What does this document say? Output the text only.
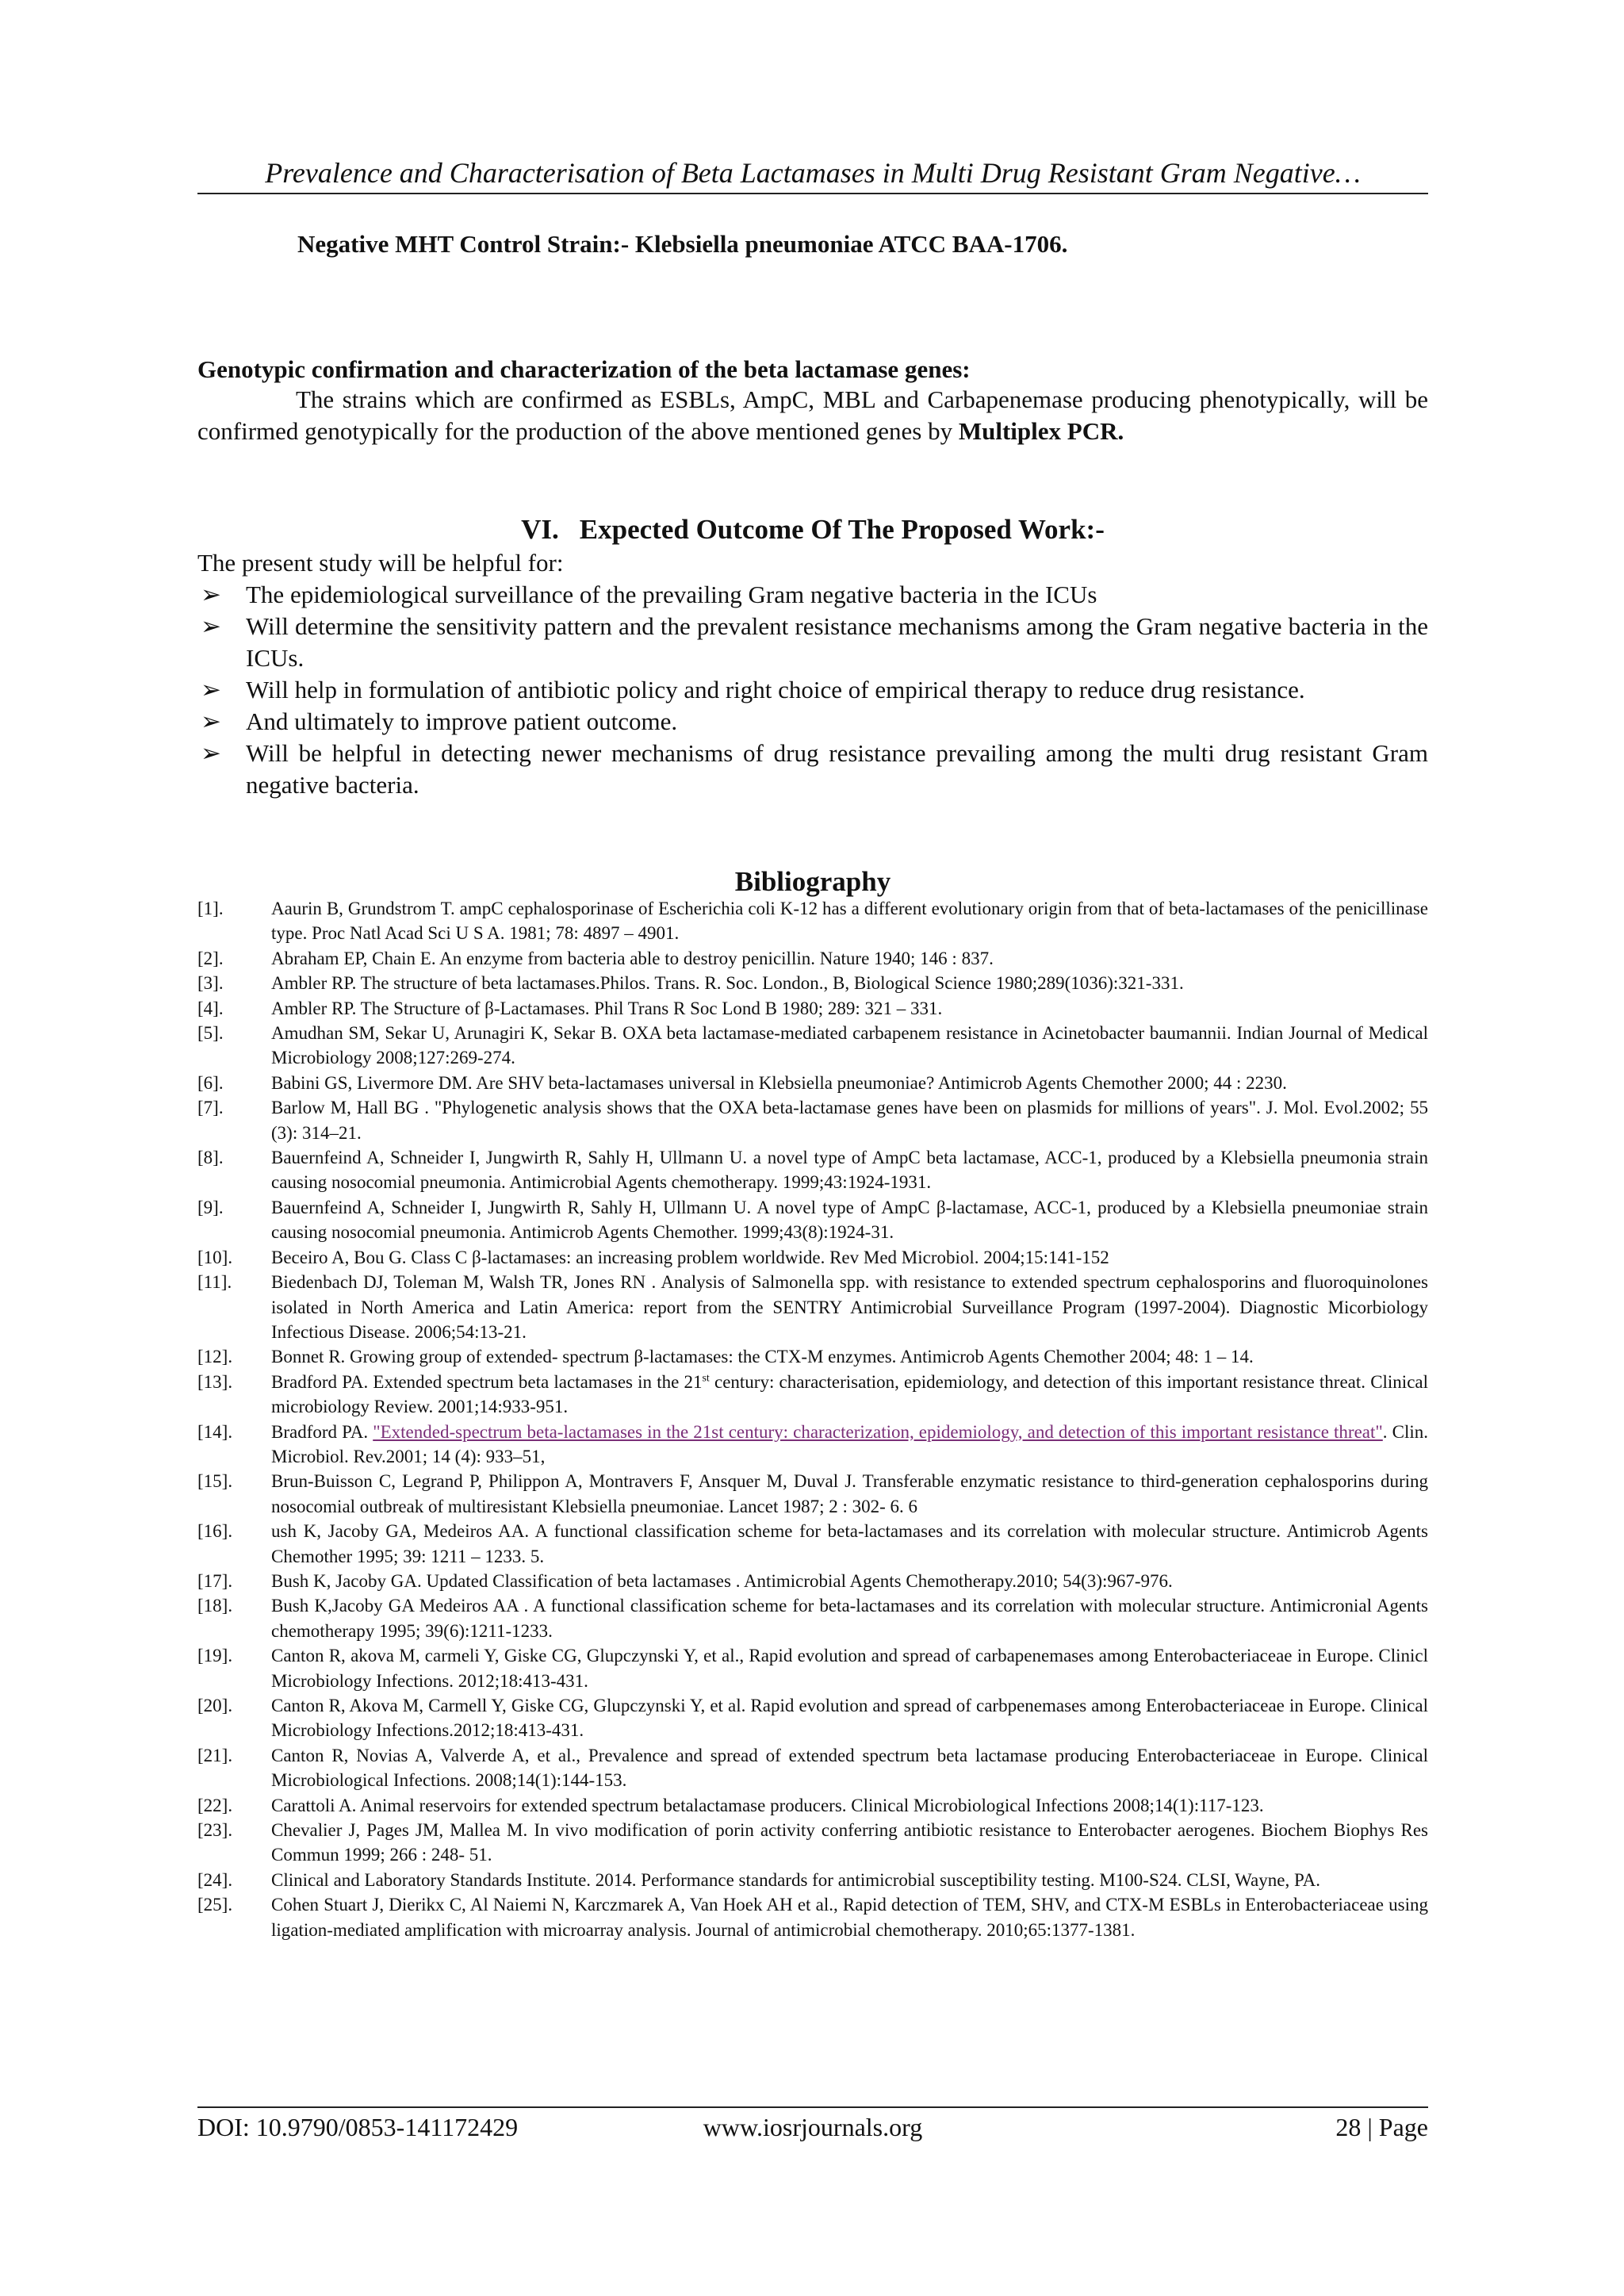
Prevalence and Characterisation of Beta Lactamases in Multi Drug Resistant Gram Negative…
Negative MHT Control Strain:- Klebsiella pneumoniae ATCC BAA-1706.
Genotypic confirmation and characterization of the beta lactamase genes:
The strains which are confirmed as ESBLs, AmpC, MBL and Carbapenemase producing phenotypically, will be confirmed genotypically for the production of the above mentioned genes by Multiplex PCR.
VI. Expected Outcome Of The Proposed Work:-
The present study will be helpful for:
➢ The epidemiological surveillance of the prevailing Gram negative bacteria in the ICUs
➢ Will determine the sensitivity pattern and the prevalent resistance mechanisms among the Gram negative bacteria in the ICUs.
➢ Will help in formulation of antibiotic policy and right choice of empirical therapy to reduce drug resistance.
➢ And ultimately to improve patient outcome.
➢ Will be helpful in detecting newer mechanisms of drug resistance prevailing among the multi drug resistant Gram negative bacteria.
Bibliography
[1].	Aaurin B, Grundstrom T. ampC cephalosporinase of Escherichia coli K-12 has a different evolutionary origin from that of beta-lactamases of the penicillinase type. Proc Natl Acad Sci U S A. 1981; 78: 4897 – 4901.
[2].	Abraham EP, Chain E. An enzyme from bacteria able to destroy penicillin. Nature 1940; 146 : 837.
[3].	Ambler RP. The structure of beta lactamases.Philos. Trans. R. Soc. London., B, Biological Science 1980;289(1036):321-331.
[4].	Ambler RP. The Structure of β-Lactamases. Phil Trans R Soc Lond B 1980; 289: 321 – 331.
[5].	Amudhan SM, Sekar U, Arunagiri K, Sekar B. OXA beta lactamase-mediated carbapenem resistance in Acinetobacter baumannii. Indian Journal of Medical Microbiology 2008;127:269-274.
[6].	Babini GS, Livermore DM. Are SHV beta-lactamases universal in Klebsiella pneumoniae? Antimicrob Agents Chemother 2000; 44 : 2230.
[7].	Barlow M, Hall BG . "Phylogenetic analysis shows that the OXA beta-lactamase genes have been on plasmids for millions of years". J. Mol. Evol.2002; 55 (3): 314–21.
[8].	Bauernfeind A, Schneider I, Jungwirth R, Sahly H, Ullmann U. a novel type of AmpC beta lactamase, ACC-1, produced by a Klebsiella pneumonia strain causing nosocomial pneumonia. Antimicrobial Agents chemotherapy. 1999;43:1924-1931.
[9].	Bauernfeind A, Schneider I, Jungwirth R, Sahly H, Ullmann U. A novel type of AmpC β-lactamase, ACC-1, produced by a Klebsiella pneumoniae strain causing nosocomial pneumonia. Antimicrob Agents Chemother. 1999;43(8):1924-31.
[10]. Beceiro A, Bou G. Class C β-lactamases: an increasing problem worldwide. Rev Med Microbiol. 2004;15:141-152
[11]. Biedenbach DJ, Toleman M, Walsh TR, Jones RN . Analysis of Salmonella spp. with resistance to extended spectrum cephalosporins and fluoroquinolones isolated in North America and Latin America: report from the SENTRY Antimicrobial Surveillance Program (1997-2004). Diagnostic Micorbiology Infectious Disease. 2006;54:13-21.
[12]. Bonnet R. Growing group of extended- spectrum β-lactamases: the CTX-M enzymes. Antimicrob Agents Chemother 2004; 48: 1 – 14.
[13]. Bradford PA. Extended spectrum beta lactamases in the 21st century: characterisation, epidemiology, and detection of this important resistance threat. Clinical microbiology Review. 2001;14:933-951.
[14]. Bradford PA. "Extended-spectrum beta-lactamases in the 21st century: characterization, epidemiology, and detection of this important resistance threat". Clin. Microbiol. Rev.2001; 14 (4): 933–51,
[15]. Brun-Buisson C, Legrand P, Philippon A, Montravers F, Ansquer M, Duval J. Transferable enzymatic resistance to third-generation cephalosporins during nosocomial outbreak of multiresistant Klebsiella pneumoniae. Lancet 1987; 2 : 302- 6. 6
[16]. ush K, Jacoby GA, Medeiros AA. A functional classification scheme for beta-lactamases and its correlation with molecular structure. Antimicrob Agents Chemother 1995; 39: 1211 – 1233. 5.
[17]. Bush K, Jacoby GA. Updated Classification of beta lactamases . Antimicrobial Agents Chemotherapy.2010; 54(3):967-976.
[18]. Bush K,Jacoby GA Medeiros AA . A functional classification scheme for beta-lactamases and its correlation with molecular structure. Antimicronial Agents chemotherapy 1995; 39(6):1211-1233.
[19]. Canton R, akova M, carmeli Y, Giske CG, Glupczynski Y, et al., Rapid evolution and spread of carbapenemases among Enterobacteriaceae in Europe. Clinicl Microbiology Infections. 2012;18:413-431.
[20]. Canton R, Akova M, Carmell Y, Giske CG, Glupczynski Y, et al. Rapid evolution and spread of carbpenemases among Enterobacteriaceae in Europe. Clinical Microbiology Infections.2012;18:413-431.
[21]. Canton R, Novias A, Valverde A, et al., Prevalence and spread of extended spectrum beta lactamase producing Enterobacteriaceae in Europe. Clinical Microbiological Infections. 2008;14(1):144-153.
[22]. Carattoli A. Animal reservoirs for extended spectrum betalactamase producers. Clinical Microbiological Infections 2008;14(1):117-123.
[23]. Chevalier J, Pages JM, Mallea M. In vivo modification of porin activity conferring antibiotic resistance to Enterobacter aerogenes. Biochem Biophys Res Commun 1999; 266 : 248- 51.
[24]. Clinical and Laboratory Standards Institute. 2014. Performance standards for antimicrobial susceptibility testing. M100-S24. CLSI, Wayne, PA.
[25]. Cohen Stuart J, Dierikx C, Al Naiemi N, Karczmarek A, Van Hoek AH et al., Rapid detection of TEM, SHV, and CTX-M ESBLs in Enterobacteriaceae using ligation-mediated amplification with microarray analysis. Journal of antimicrobial chemotherapy. 2010;65:1377-1381.
DOI: 10.9790/0853-141172429	www.iosrjournals.org	28 | Page
